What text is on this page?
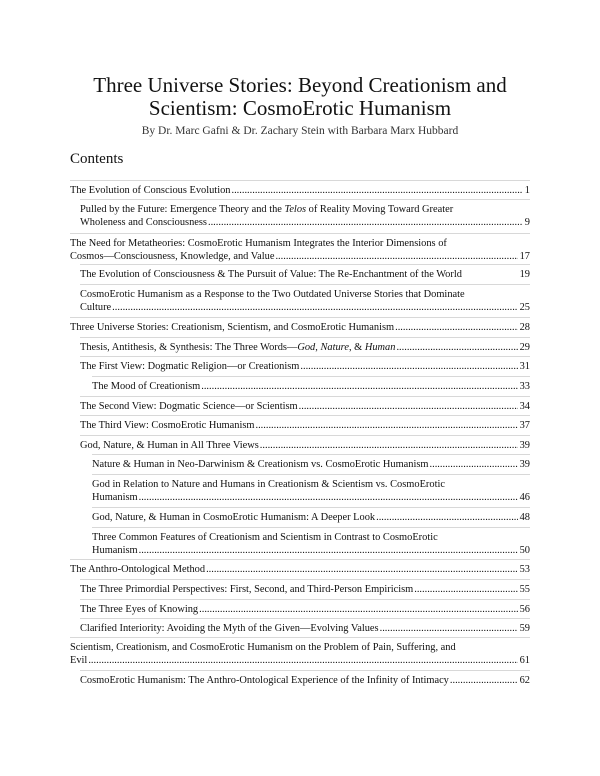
Three Universe Stories: Beyond Creationism and
Scientism: CosmoErotic Humanism
By Dr. Marc Gafni & Dr. Zachary Stein with Barbara Marx Hubbard
Contents
The Evolution of Conscious Evolution .....	1
Pulled by the Future: Emergence Theory and the Telos of Reality Moving Toward Greater
Wholeness and Consciousness .....	9
The Need for Metatheories: CosmoErotic Humanism Integrates the Interior Dimensions of
Cosmos—Consciousness, Knowledge, and Value .....	17
The Evolution of Consciousness & The Pursuit of Value: The Re-Enchantment of the World	19
CosmoErotic Humanism as a Response to the Two Outdated Universe Stories that Dominate
Culture .....	25
Three Universe Stories: Creationism, Scientism, and CosmoErotic Humanism .....	28
Thesis, Antithesis, & Synthesis: The Three Words—God, Nature, & Human .....	29
The First View: Dogmatic Religion—or Creationism .....	31
The Mood of Creationism .....	33
The Second View: Dogmatic Science—or Scientism .....	34
The Third View: CosmoErotic Humanism .....	37
God, Nature, & Human in All Three Views .....	39
Nature & Human in Neo-Darwinism & Creationism vs. CosmoErotic Humanism .....	39
God in Relation to Nature and Humans in Creationism & Scientism vs. CosmoErotic
Humanism .....	46
God, Nature, & Human in CosmoErotic Humanism: A Deeper Look .....	48
Three Common Features of Creationism and Scientism in Contrast to CosmoErotic
Humanism .....	50
The Anthro-Ontological Method .....	53
The Three Primordial Perspectives: First, Second, and Third-Person Empiricism .....	55
The Three Eyes of Knowing .....	56
Clarified Interiority: Avoiding the Myth of the Given—Evolving Values .....	59
Scientism, Creationism, and CosmoErotic Humanism on the Problem of Pain, Suffering, and
Evil .....	61
CosmoErotic Humanism: The Anthro-Ontological Experience of the Infinity of Intimacy .....	62
